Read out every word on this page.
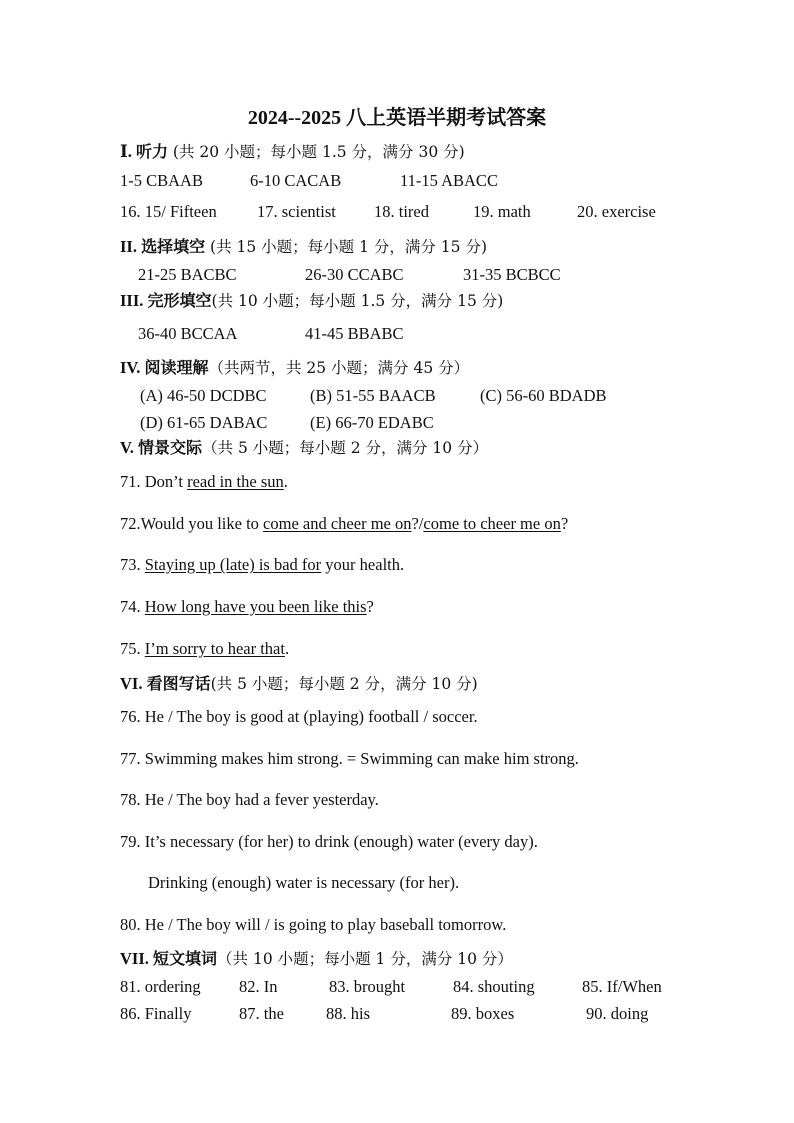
2024--2025 八上英语半期考试答案
Ⅰ. 听力 (共 20 小题；每小题 1.5 分，满分 30 分)
1-5 CBAAB	6-10 CACAB	11-15 ABACC
16. 15/ Fifteen 17. scientist 18. tired	19. math	20. exercise
II. 选择填空 (共 15 小题；每小题 1 分，满分 15 分)
21-25 BACBC	26-30 CCABC	31-35 BCBCC
III. 完形填空(共 10 小题；每小题 1.5 分，满分 15 分)
36-40 BCCAA	41-45 BBABC
IV. 阅读理解（共两节，共 25 小题；满分 45 分）
(A) 46-50 DCDBC	(B) 51-55 BAACB	(C) 56-60 BDADB
(D) 61-65 DABAC	(E) 66-70 EDABC
V. 情景交际（共 5 小题；每小题 2 分，满分 10 分）
71. Don’t read in the sun.
72.Would you like to come and cheer me on?/come to cheer me on?
73. Staying up (late) is bad for your health.
74. How long have you been like this?
75. I’m sorry to hear that.
VI. 看图写话(共 5 小题；每小题 2 分，满分 10 分)
76. He / The boy is good at (playing) football / soccer.
77. Swimming makes him strong. = Swimming can make him strong.
78. He / The boy had a fever yesterday.
79. It’s necessary (for her) to drink (enough) water (every day).
Drinking (enough) water is necessary (for her).
80. He / The boy will / is going to play baseball tomorrow.
VII. 短文填词（共 10 小题；每小题 1 分，满分 10 分）
81. ordering 82. In	83. brought	84. shouting	85. If/When
86. Finally	87. the	88. his	89. boxes	90. doing
